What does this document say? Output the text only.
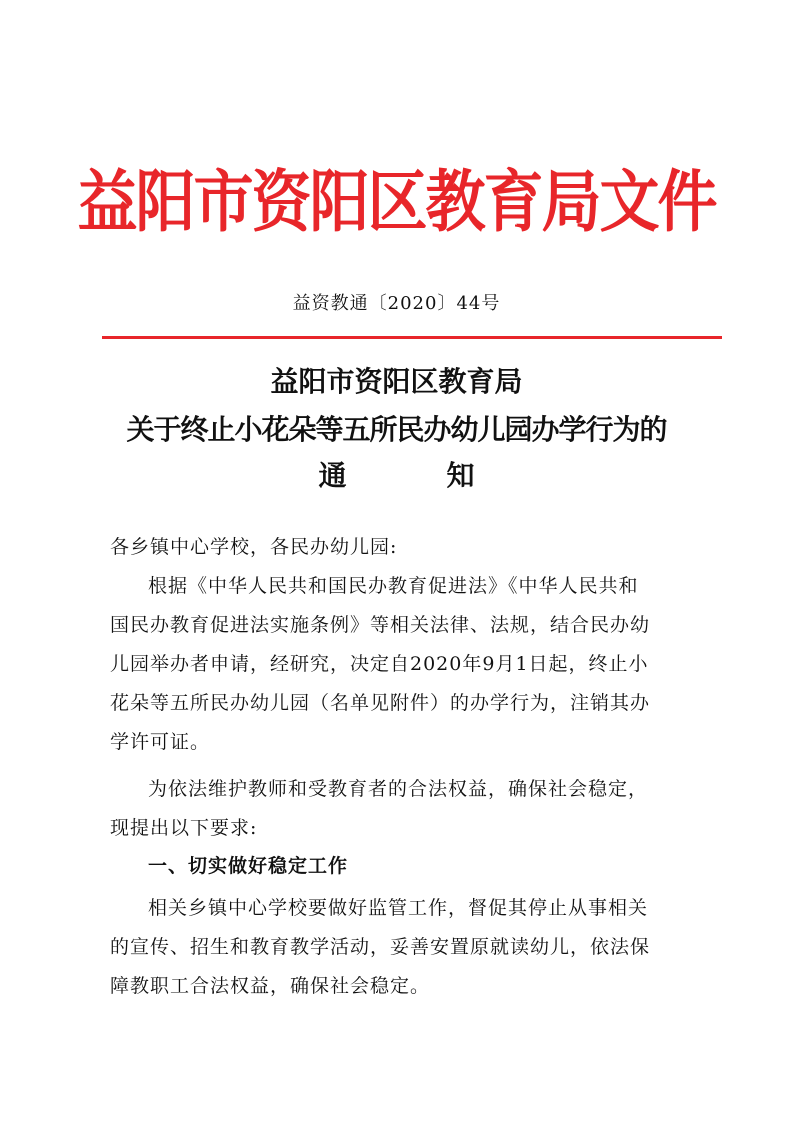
益阳市资阳区教育局文件
益资教通〔2020〕44号
益阳市资阳区教育局
关于终止小花朵等五所民办幼儿园办学行为的
通	知
各乡镇中心学校，各民办幼儿园:
根据《中华人民共和国民办教育促进法》《中华人民共和
国民办教育促进法实施条例》等相关法律、法规，结合民办幼
儿园举办者申请，经研究，决定自2020年9月1日起，终止小
花朵等五所民办幼儿园（名单见附件）的办学行为，注销其办
学许可证。
为依法维护教师和受教育者的合法权益，确保社会稳定，
现提出以下要求:
一、切实做好稳定工作
相关乡镇中心学校要做好监管工作，督促其停止从事相关
的宣传、招生和教育教学活动，妥善安置原就读幼儿，依法保
障教职工合法权益，确保社会稳定。
